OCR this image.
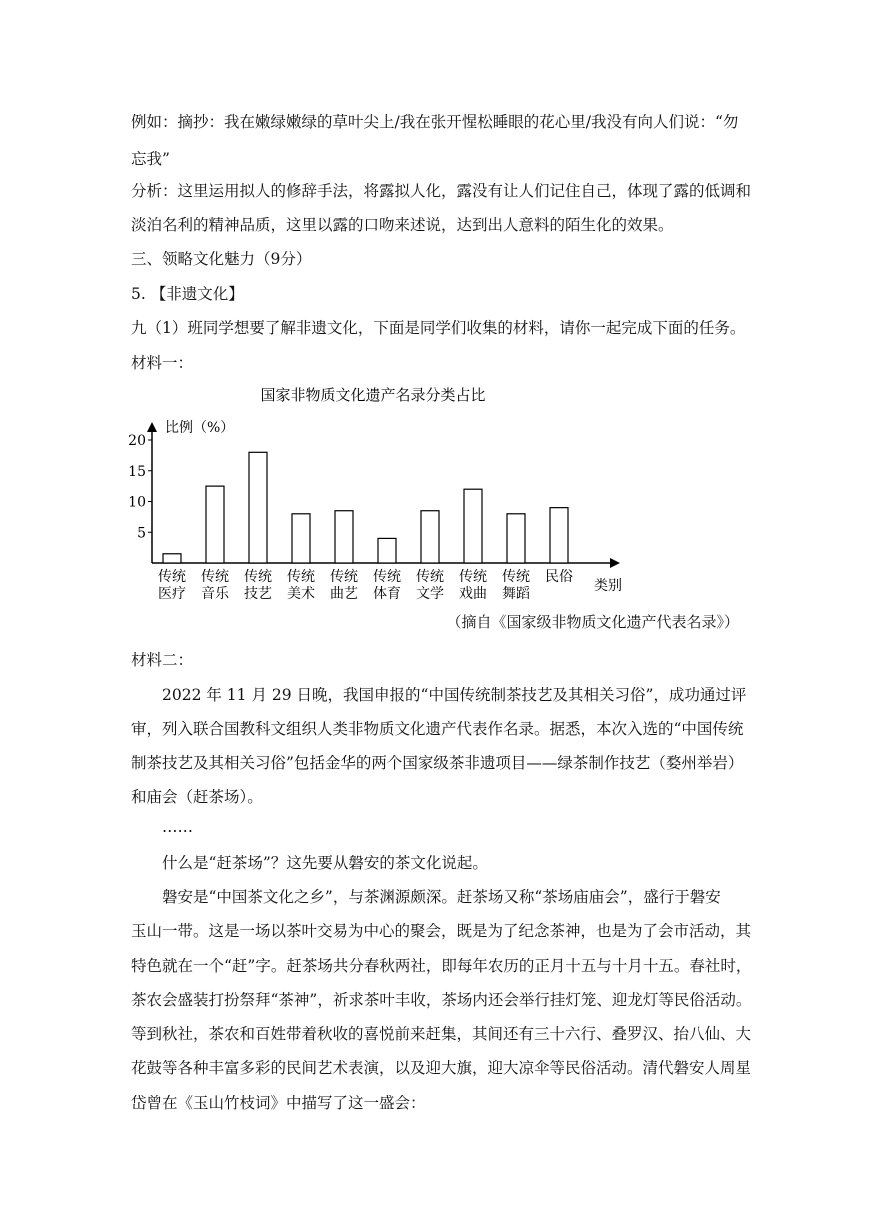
例如：摘抄：我在嫩绿嫩绿的草叶尖上/我在张开惺松睡眼的花心里/我没有向人们说：“勿

忘我”

分析：这里运用拟人的修辞手法，将露拟人化，露没有让人们记住自己，体现了露的低调和

淡泊名利的精神品质，这里以露的口吻来述说，达到出人意料的陌生化的效果。

三、领略文化魅力（9分）

5. 【非遗文化】

九（1）班同学想要了解非遗文化，下面是同学们收集的材料，请你一起完成下面的任务。

材料一：

国家非物质文化遗产名录分类占比
比例（%）
类别
5
10
15
20
传统
医疗
传统
音乐
传统
技艺
传统
美术
传统
曲艺
传统
体育
传统
文学
传统
戏曲
传统
舞蹈
民俗
（摘自《国家级非物质文化遗产代表名录》）

材料二：

2022 年 11 月 29 日晚，我国申报的“中国传统制茶技艺及其相关习俗”，成功通过评

审，列入联合国教科文组织人类非物质文化遗产代表作名录。据悉，本次入选的“中国传统

制茶技艺及其相关习俗”包括金华的两个国家级茶非遗项目——绿茶制作技艺（婺州举岩）

和庙会（赶茶场）。

……

什么是“赶茶场”？这先要从磐安的茶文化说起。

磐安是“中国茶文化之乡”，与茶渊源颇深。赶茶场又称“茶场庙庙会”，盛行于磐安

玉山一带。这是一场以茶叶交易为中心的聚会，既是为了纪念茶神，也是为了会市活动，其

特色就在一个“赶”字。赶茶场共分春秋两社，即每年农历的正月十五与十月十五。春社时，

茶农会盛装打扮祭拜“茶神”，祈求茶叶丰收，茶场内还会举行挂灯笼、迎龙灯等民俗活动。

等到秋社，茶农和百姓带着秋收的喜悦前来赶集，其间还有三十六行、叠罗汉、抬八仙、大

花鼓等各种丰富多彩的民间艺术表演，以及迎大旗，迎大凉伞等民俗活动。清代磐安人周星

岱曾在《玉山竹枝词》中描写了这一盛会：
